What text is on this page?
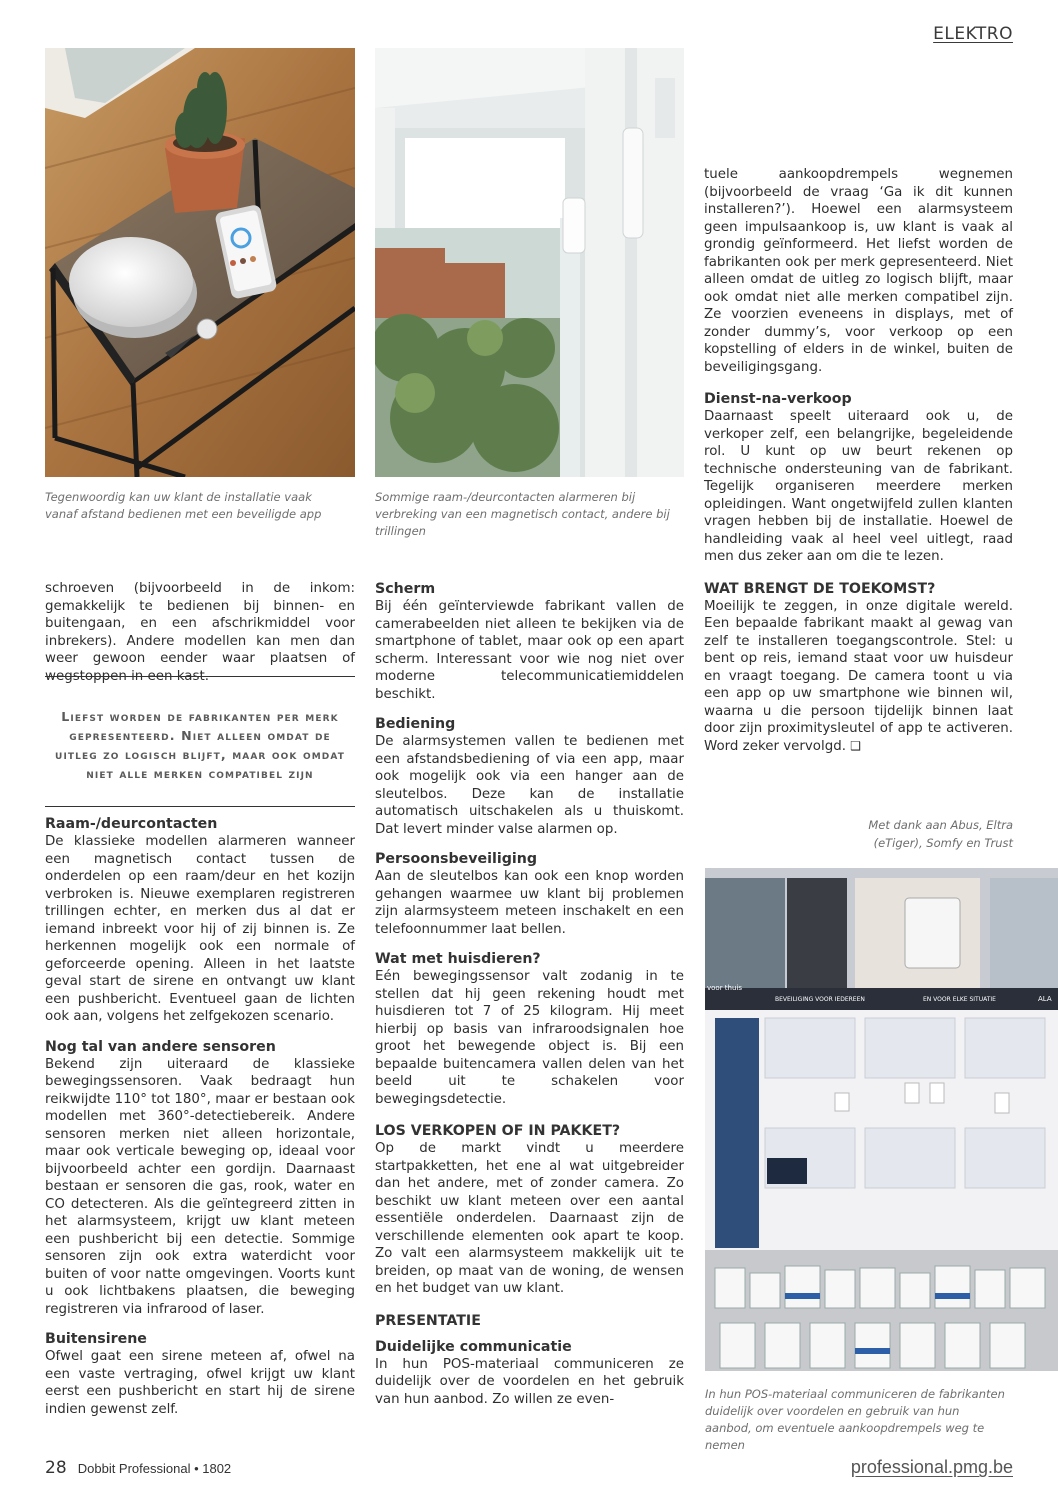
ELEKTRO
Tegenwoordig kan uw klant de installatie vaak vanaf afstand bedienen met een beveiligde app
Sommige raam-/deurcontacten alarmeren bij verbreking van een magnetisch contact, andere bij trillingen
voor thuis
BEVEILIGING VOOR IEDEREEN	EN VOOR ELKE SITUATIE	ALA
In hun POS-materiaal communiceren de fabrikanten duidelijk over voordelen en gebruik van hun aanbod, om eventuele aankoopdrempels weg te nemen

schroeven (bijvoorbeeld in de inkom: gemakkelijk te bedienen bij binnen- en buitengaan, en een afschrikmiddel voor inbrekers). Andere modellen kan men dan weer gewoon eender waar plaatsen of wegstoppen in een kast.

Liefst worden de fabrikanten per merk gepresenteerd. Niet alleen omdat de uitleg zo logisch blijft, maar ook omdat niet alle merken compatibel zijn
Raam-/deurcontacten

De klassieke modellen alarmeren wanneer een magnetisch contact tussen de onderdelen op een raam/deur en het kozijn verbroken is. Nieuwe exemplaren registreren trillingen echter, en merken dus al dat er iemand inbreekt voor hij of zij binnen is. Ze herkennen mogelijk ook een normale of geforceerde opening. Alleen in het laatste geval start de sirene en ontvangt uw klant een pushbericht. Eventueel gaan de lichten ook aan, volgens het zelfgekozen scenario.

Nog tal van andere sensoren

Bekend zijn uiteraard de klassieke bewegingssensoren. Vaak bedraagt hun reikwijdte 110° tot 180°, maar er bestaan ook modellen met 360°-detectiebereik. Andere sensoren merken niet alleen horizontale, maar ook verticale beweging op, ideaal voor bijvoorbeeld achter een gordijn. Daarnaast bestaan er sensoren die gas, rook, water en CO detecteren. Als die geïntegreerd zitten in het alarmsysteem, krijgt uw klant meteen een pushbericht bij een detectie. Sommige sensoren zijn ook extra waterdicht voor buiten of voor natte omgevingen. Voorts kunt u ook lichtbakens plaatsen, die beweging registreren via infrarood of laser.

Buitensirene

Ofwel gaat een sirene meteen af, ofwel na een vaste vertraging, ofwel krijgt uw klant eerst een pushbericht en start hij de sirene indien gewenst zelf.

Scherm

Bij één geïnterviewde fabrikant vallen de camerabeelden niet alleen te bekijken via de smartphone of tablet, maar ook op een apart scherm. Interessant voor wie nog niet over moderne telecommunicatiemiddelen beschikt.

Bediening

De alarmsystemen vallen te bedienen met een afstandsbediening of via een app, maar ook mogelijk ook via een hanger aan de sleutelbos. Deze kan de installatie automatisch uitschakelen als u thuiskomt. Dat levert minder valse alarmen op.

Persoonsbeveiliging

Aan de sleutelbos kan ook een knop worden gehangen waarmee uw klant bij problemen zijn alarmsysteem meteen inschakelt en een telefoonnummer laat bellen.

Wat met huisdieren?

Eén bewegingssensor valt zodanig in te stellen dat hij geen rekening houdt met huisdieren tot 7 of 25 kilogram. Hij meet hierbij op basis van infraroodsignalen hoe groot het bewegende object is. Bij een bepaalde buitencamera vallen delen van het beeld uit te schakelen voor bewegingsdetectie.

LOS VERKOPEN OF IN PAKKET?

Op de markt vindt u meerdere startpakketten, het ene al wat uitgebreider dan het andere, met of zonder camera. Zo beschikt uw klant meteen over een aantal essentiële onderdelen. Daarnaast zijn de verschillende elementen ook apart te koop. Zo valt een alarmsysteem makkelijk uit te breiden, op maat van de woning, de wensen en het budget van uw klant.

PRESENTATIE
Duidelijke communicatie

In hun POS-materiaal communiceren ze duidelijk over de voordelen en het gebruik van hun aanbod. Zo willen ze even-

tuele aankoopdrempels wegnemen (bijvoorbeeld de vraag ‘Ga ik dit kunnen installeren?’). Hoewel een alarmsysteem geen impulsaankoop is, uw klant is vaak al grondig geïnformeerd. Het liefst worden de fabrikanten ook per merk gepresenteerd. Niet alleen omdat de uitleg zo logisch blijft, maar ook omdat niet alle merken compatibel zijn. Ze voorzien eveneens in displays, met of zonder dummy’s, voor verkoop op een kopstelling of elders in de winkel, buiten de beveiligingsgang.

Dienst-na-verkoop

Daarnaast speelt uiteraard ook u, de verkoper zelf, een belangrijke, begeleidende rol. U kunt op uw beurt rekenen op technische ondersteuning van de fabrikant. Tegelijk organiseren meerdere merken opleidingen. Want ongetwijfeld zullen klanten vragen hebben bij de installatie. Hoewel de handleiding vaak al heel veel uitlegt, raad men dus zeker aan om die te lezen.

WAT BRENGT DE TOEKOMST?

Moeilijk te zeggen, in onze digitale wereld. Een bepaalde fabrikant maakt al gewag van zelf te installeren toegangscontrole. Stel: u bent op reis, iemand staat voor uw huisdeur en vraagt toegang. De camera toont u via een app op uw smartphone wie binnen wil, waarna u die persoon tijdelijk binnen laat door zijn proximitysleutel of app te activeren. Word zeker vervolgd. ❑

Met dank aan Abus, Eltra (eTiger), Somfy en Trust
28 Dobbit Professional • 1802	professional.pmg.be
